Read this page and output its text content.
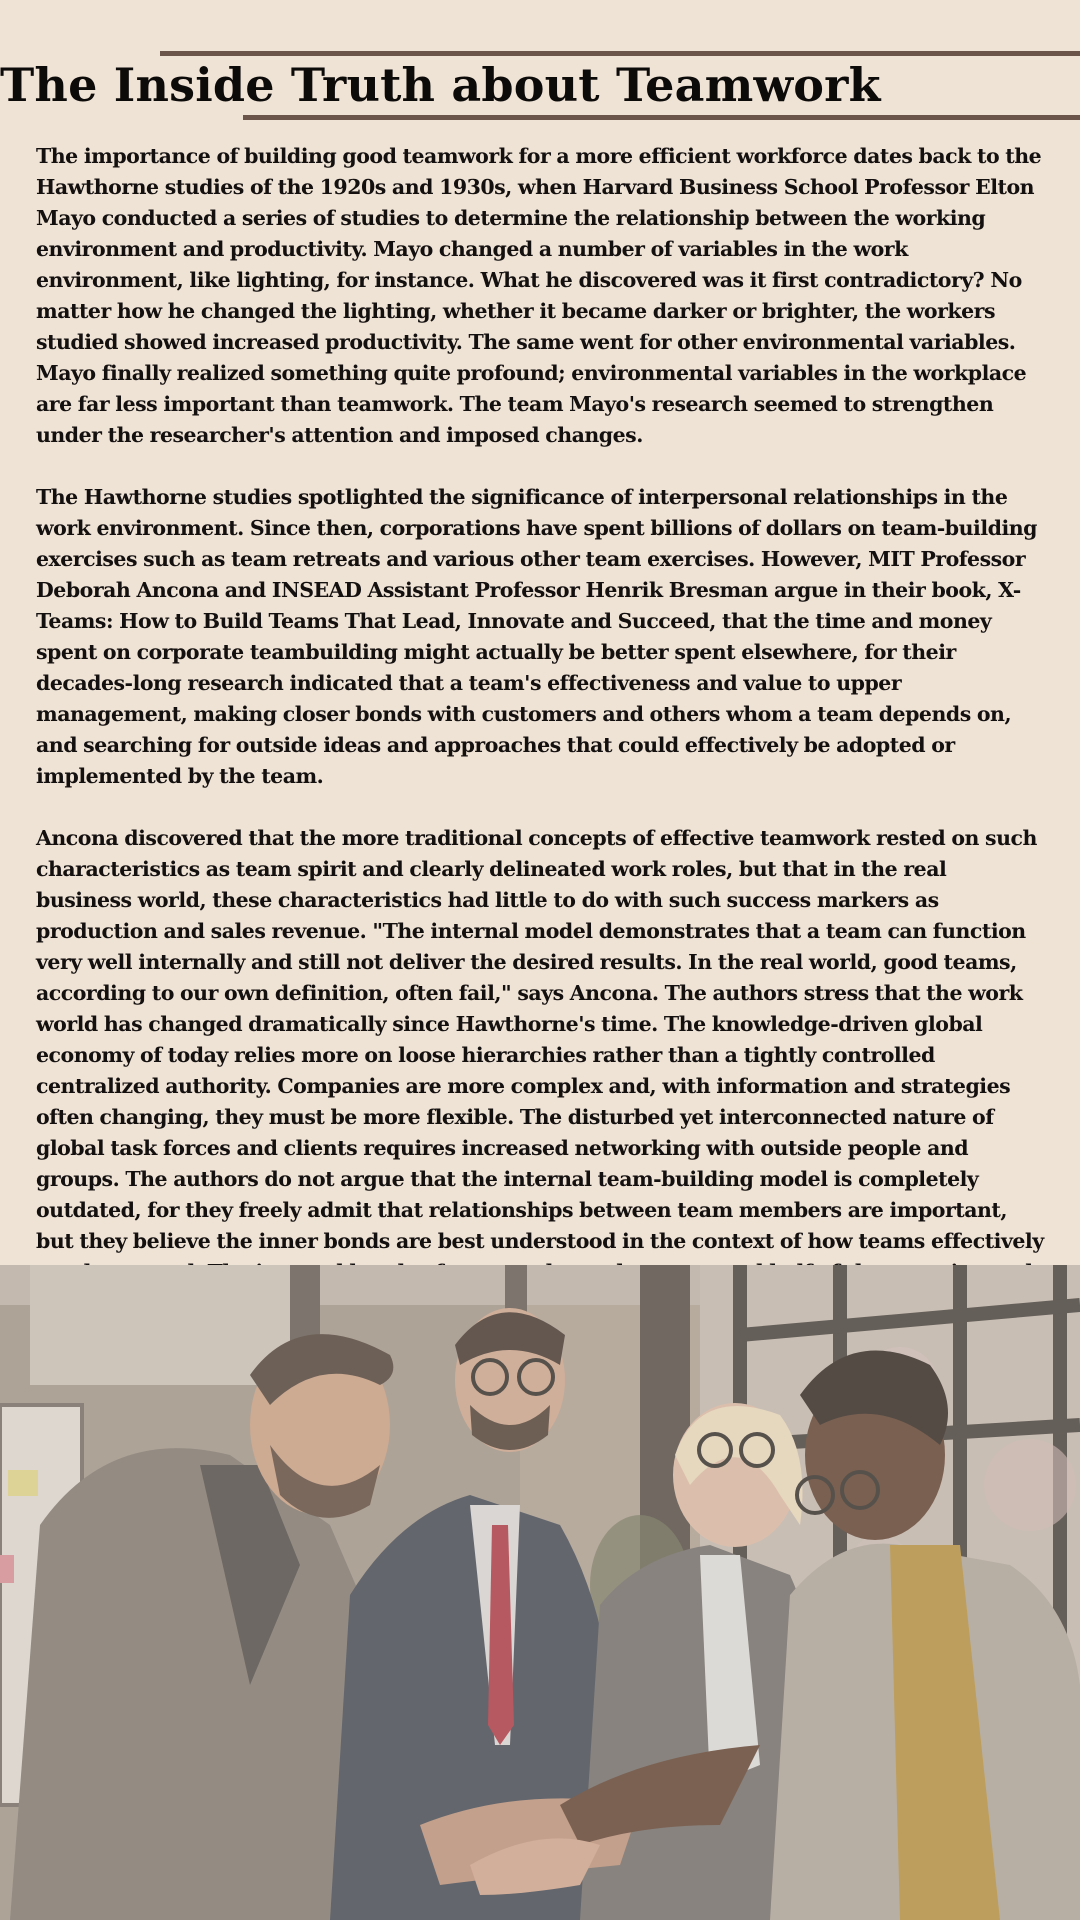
The Inside Truth about Teamwork

The importance of building good teamwork for a more efficient workforce dates back to the Hawthorne studies of the 1920s and 1930s, when Harvard Business School Professor Elton Mayo conducted a series of studies to determine the relationship between the working environment and productivity. Mayo changed a number of variables in the work environment, like lighting, for instance. What he discovered was it first contradictory? No matter how he changed the lighting, whether it became darker or brighter, the workers studied showed increased productivity. The same went for other environmental variables. Mayo finally realized something quite profound; environmental variables in the workplace are far less important than teamwork. The team Mayo's research seemed to strengthen under the researcher's attention and imposed changes.

The Hawthorne studies spotlighted the significance of interpersonal relationships in the work environment. Since then, corporations have spent billions of dollars on team-building exercises such as team retreats and various other team exercises. However, MIT Professor Deborah Ancona and INSEAD Assistant Professor Henrik Bresman argue in their book, X-Teams: How to Build Teams That Lead, Innovate and Succeed, that the time and money spent on corporate teambuilding might actually be better spent elsewhere, for their decades-long research indicated that a team's effectiveness and value to upper management, making closer bonds with customers and others whom a team depends on, and searching for outside ideas and approaches that could effectively be adopted or implemented by the team.

Ancona discovered that the more traditional concepts of effective teamwork rested on such characteristics as team spirit and clearly delineated work roles, but that in the real business world, these characteristics had little to do with such success markers as production and sales revenue. "The internal model demonstrates that a team can function very well internally and still not deliver the desired results. In the real world, good teams, according to our own definition, often fail," says Ancona. The authors stress that the work world has changed dramatically since Hawthorne's time. The knowledge-driven global economy of today relies more on loose hierarchies rather than a tightly controlled centralized authority. Companies are more complex and, with information and strategies often changing, they must be more flexible. The disturbed yet interconnected nature of global task forces and clients requires increased networking with outside people and groups. The authors do not argue that the internal team-building model is completely outdated, for they freely admit that relationships between team members are important, but they believe the inner bonds are best understood in the context of how teams effectively
